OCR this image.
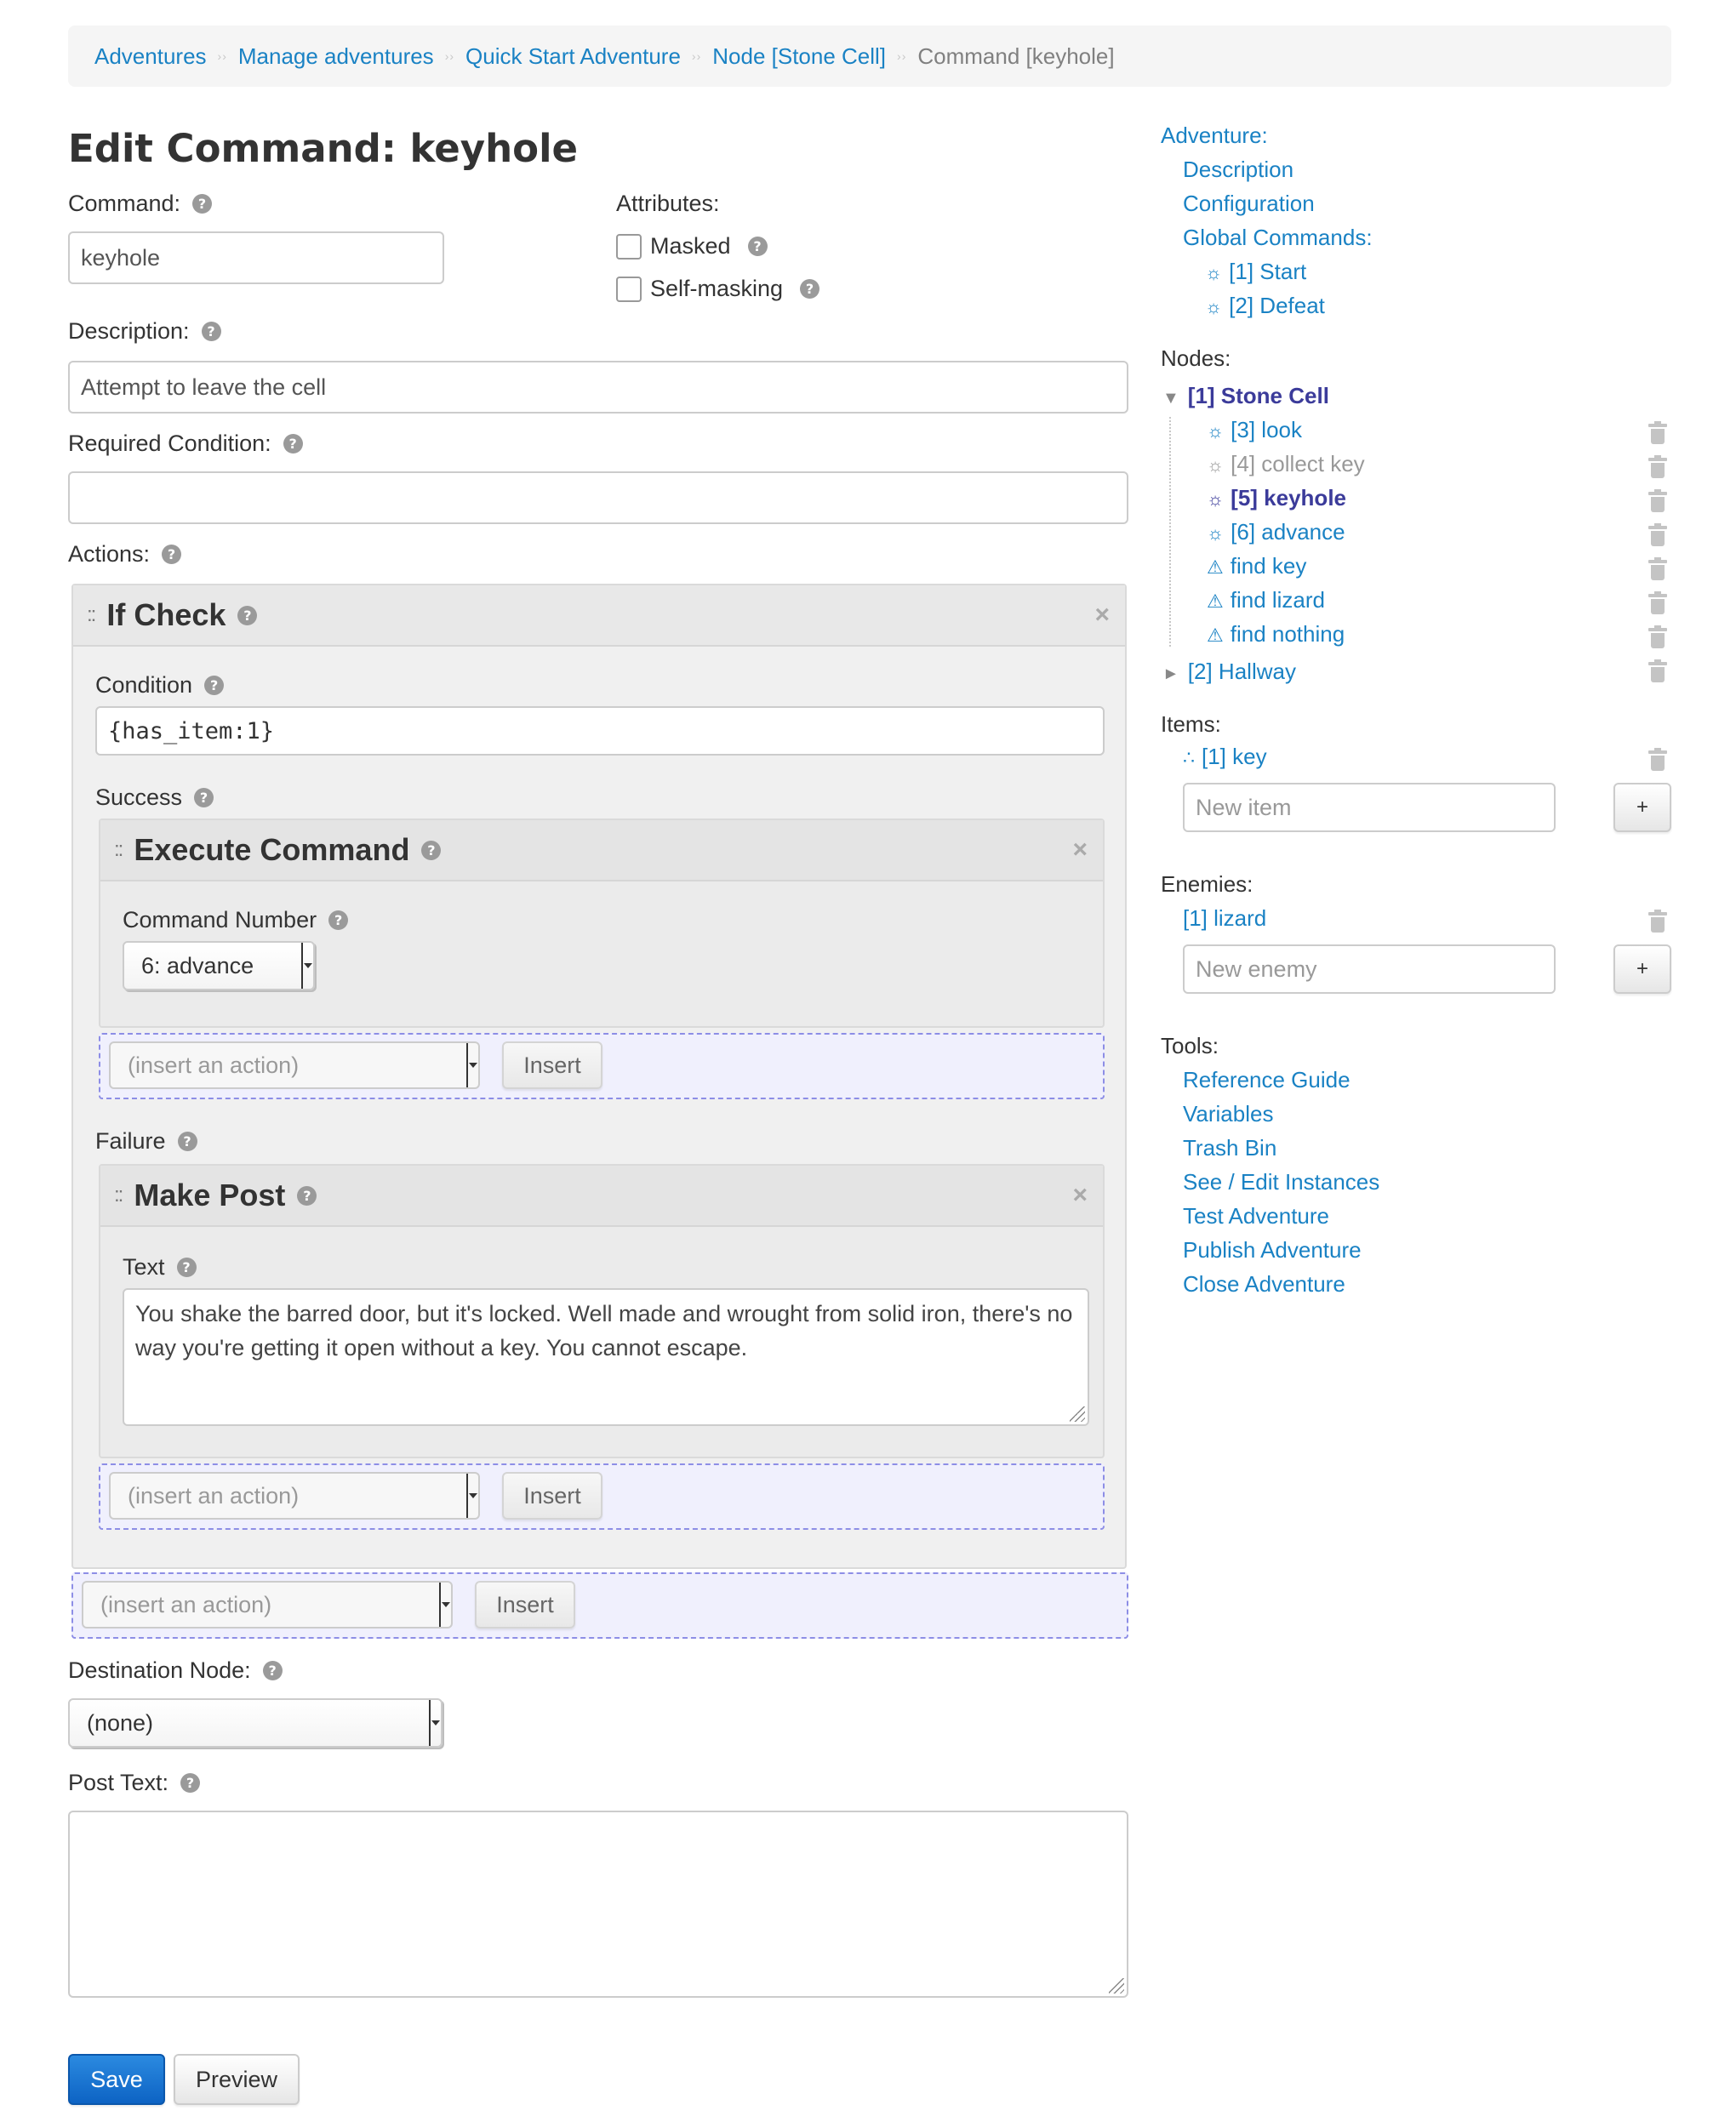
Adventures ›› Manage adventures ›› Quick Start Adventure ›› Node [Stone Cell] ›› Command [keyhole]
Edit Command: keyhole
Command:	?
keyhole
Attributes:
Masked	?
Self-masking	?
Description:	?
Attempt to leave the cell
Required Condition:	?
Actions:	?
:: If Check	?	×
Condition	?
{has_item:1}
Success	?
:: Execute Command	?	×
Command Number	?
6: advance
(insert an action)	Insert
Failure	?
:: Make Post	?	×
Text	?
You shake the barred door, but it's locked. Well made and wrought from solid iron, there's no way you're getting it open without a key. You cannot escape.
(insert an action)	Insert
(insert an action)	Insert
Destination Node:	?
(none)
Post Text:	?
Save	Preview
Adventure:
Description
Configuration
Global Commands:
☼ [1] Start
☼ [2] Defeat
Nodes:
▼ [1] Stone Cell
☼ [3] look
☼ [4] collect key
☼ [5] keyhole
☼ [6] advance
⚠ find key
⚠ find lizard
⚠ find nothing
► [2] Hallway
Items:
∴ [1] key
New item	+
Enemies:
[1] lizard
New enemy	+
Tools:
Reference Guide
Variables
Trash Bin
See / Edit Instances
Test Adventure
Publish Adventure
Close Adventure
